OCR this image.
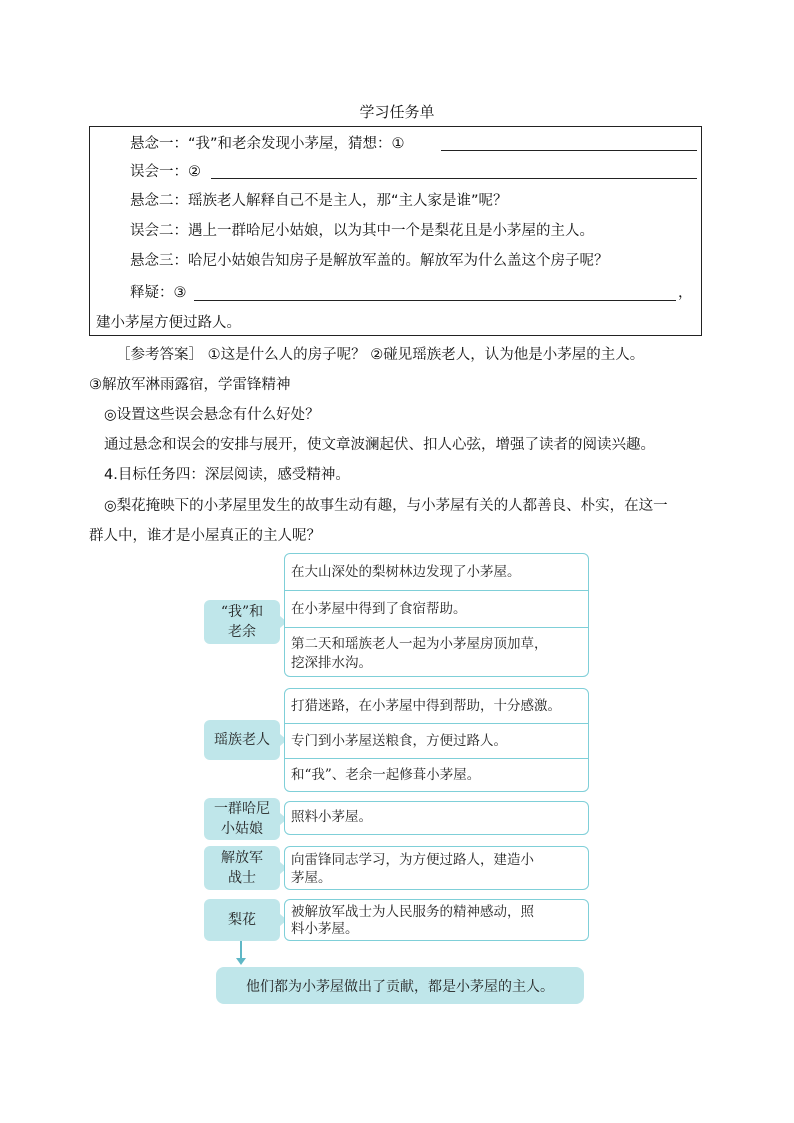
学习任务单
悬念一：“我”和老余发现小茅屋，猜想：①
误会一：②
悬念二：瑶族老人解释自己不是主人，那“主人家是谁”呢？
误会二：遇上一群哈尼小姑娘，以为其中一个是梨花且是小茅屋的主人。
悬念三：哈尼小姑娘告知房子是解放军盖的。解放军为什么盖这个房子呢？
释疑：③	，
建小茅屋方便过路人。
［参考答案］ ①这是什么人的房子呢？ ②碰见瑶族老人，认为他是小茅屋的主人。
③解放军淋雨露宿，学雷锋精神
◎设置这些误会悬念有什么好处？
通过悬念和误会的安排与展开，使文章波澜起伏、扣人心弦，增强了读者的阅读兴趣。
4.目标任务四：深层阅读，感受精神。
◎梨花掩映下的小茅屋里发生的故事生动有趣，与小茅屋有关的人都善良、朴实，在这一
群人中，谁才是小屋真正的主人呢？
“我”和
老余
在大山深处的梨树林边发现了小茅屋。
在小茅屋中得到了食宿帮助。
第二天和瑶族老人一起为小茅屋房顶加草，
挖深排水沟。
瑶族老人
打猎迷路，在小茅屋中得到帮助，十分感激。
专门到小茅屋送粮食，方便过路人。
和“我”、老余一起修葺小茅屋。
一群哈尼
小姑娘
照料小茅屋。
解放军
战士
向雷锋同志学习，为方便过路人，建造小
茅屋。
梨花	被解放军战士为人民服务的精神感动，照
料小茅屋。
他们都为小茅屋做出了贡献，都是小茅屋的主人。
